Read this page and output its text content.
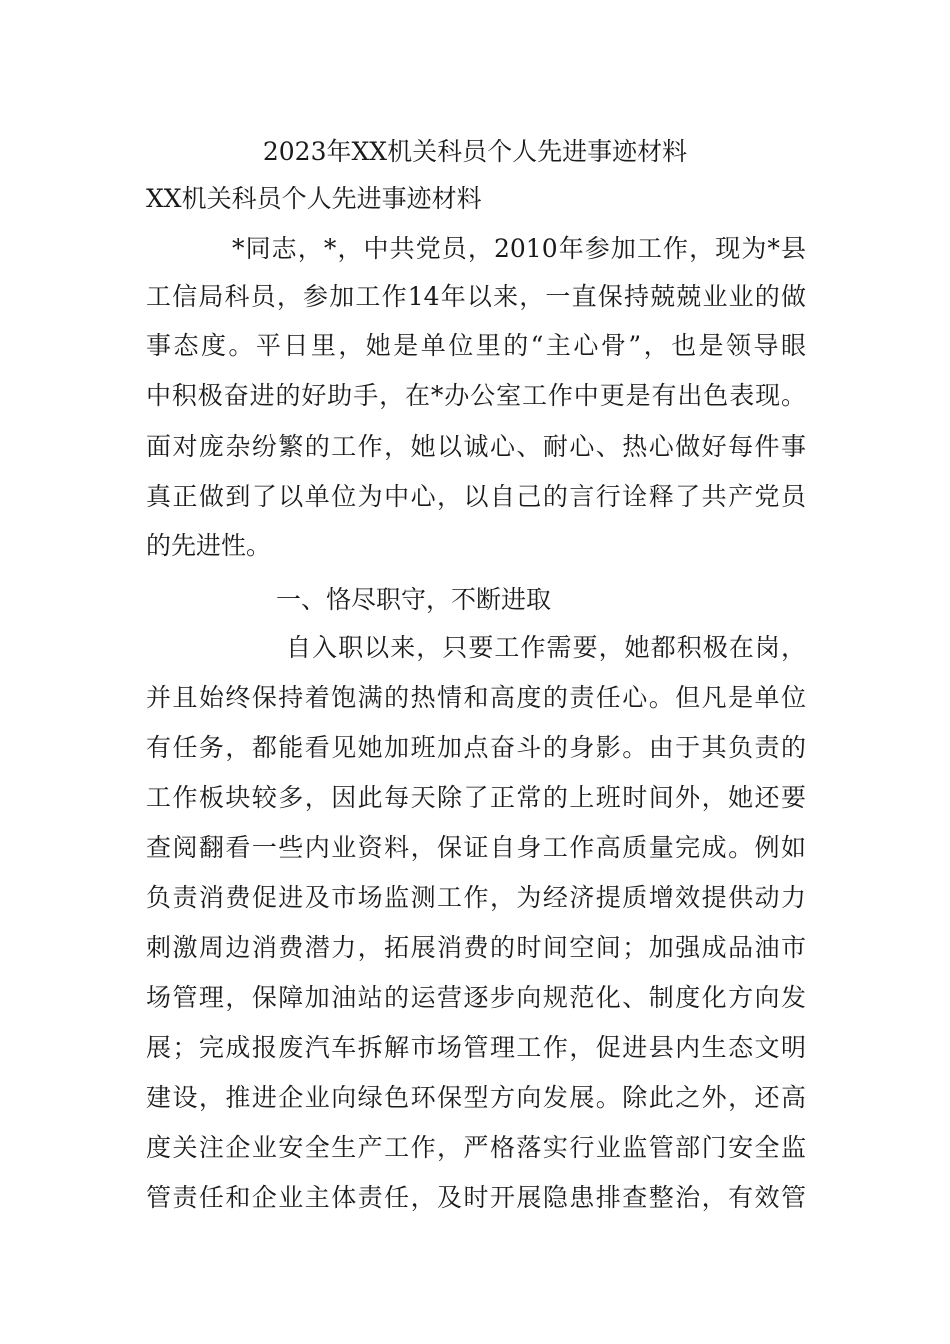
2023年XX机关科员个人先进事迹材料
XX机关科员个人先进事迹材料
*同志，*，中共党员，2010年参加工作，现为*县
工信局科员，参加工作14年以来，一直保持兢兢业业的做
事态度。平日里，她是单位里的“主心骨”，也是领导眼
中积极奋进的好助手，在*办公室工作中更是有出色表现。
面对庞杂纷繁的工作，她以诚心、耐心、热心做好每件事
真正做到了以单位为中心，以自己的言行诠释了共产党员
的先进性。
一、恪尽职守，不断进取
自入职以来，只要工作需要，她都积极在岗，
并且始终保持着饱满的热情和高度的责任心。但凡是单位
有任务，都能看见她加班加点奋斗的身影。由于其负责的
工作板块较多，因此每天除了正常的上班时间外，她还要
查阅翻看一些内业资料，保证自身工作高质量完成。例如
负责消费促进及市场监测工作，为经济提质增效提供动力
刺激周边消费潜力，拓展消费的时间空间；加强成品油市
场管理，保障加油站的运营逐步向规范化、制度化方向发
展；完成报废汽车拆解市场管理工作，促进县内生态文明
建设，推进企业向绿色环保型方向发展。除此之外，还高
度关注企业安全生产工作，严格落实行业监管部门安全监
管责任和企业主体责任，及时开展隐患排查整治，有效管
